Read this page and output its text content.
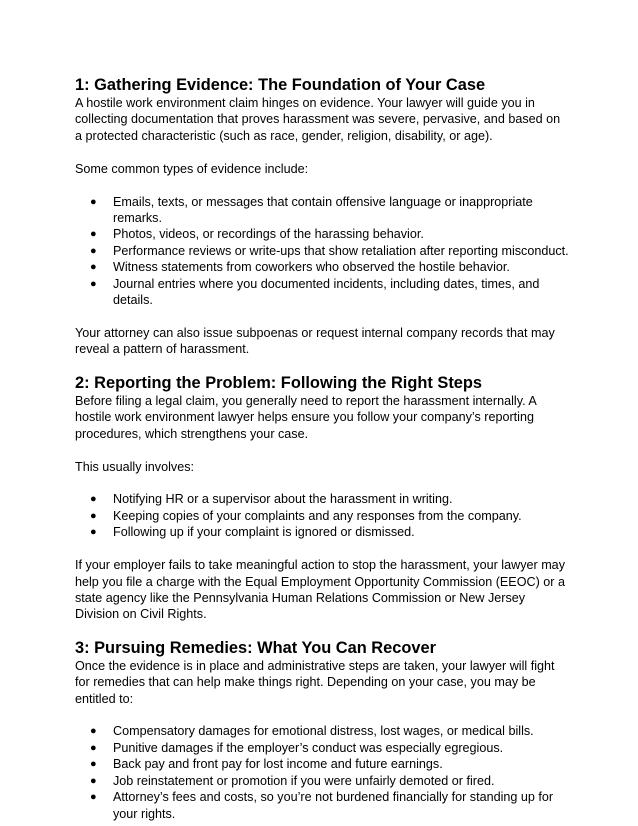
1: Gathering Evidence: The Foundation of Your Case

A hostile work environment claim hinges on evidence. Your lawyer will guide you in collecting documentation that proves harassment was severe, pervasive, and based on a protected characteristic (such as race, gender, religion, disability, or age).

Some common types of evidence include:

● Emails, texts, or messages that contain offensive language or inappropriate remarks.
● Photos, videos, or recordings of the harassing behavior.
● Performance reviews or write-ups that show retaliation after reporting misconduct.
● Witness statements from coworkers who observed the hostile behavior.
● Journal entries where you documented incidents, including dates, times, and details.

Your attorney can also issue subpoenas or request internal company records that may reveal a pattern of harassment.

2: Reporting the Problem: Following the Right Steps

Before filing a legal claim, you generally need to report the harassment internally. A hostile work environment lawyer helps ensure you follow your company’s reporting procedures, which strengthens your case.

This usually involves:

● Notifying HR or a supervisor about the harassment in writing.
● Keeping copies of your complaints and any responses from the company.
● Following up if your complaint is ignored or dismissed.

If your employer fails to take meaningful action to stop the harassment, your lawyer may help you file a charge with the Equal Employment Opportunity Commission (EEOC) or a state agency like the Pennsylvania Human Relations Commission or New Jersey Division on Civil Rights.

3: Pursuing Remedies: What You Can Recover

Once the evidence is in place and administrative steps are taken, your lawyer will fight for remedies that can help make things right. Depending on your case, you may be entitled to:

● Compensatory damages for emotional distress, lost wages, or medical bills.
● Punitive damages if the employer’s conduct was especially egregious.
● Back pay and front pay for lost income and future earnings.
● Job reinstatement or promotion if you were unfairly demoted or fired.
● Attorney’s fees and costs, so you’re not burdened financially for standing up for your rights.
